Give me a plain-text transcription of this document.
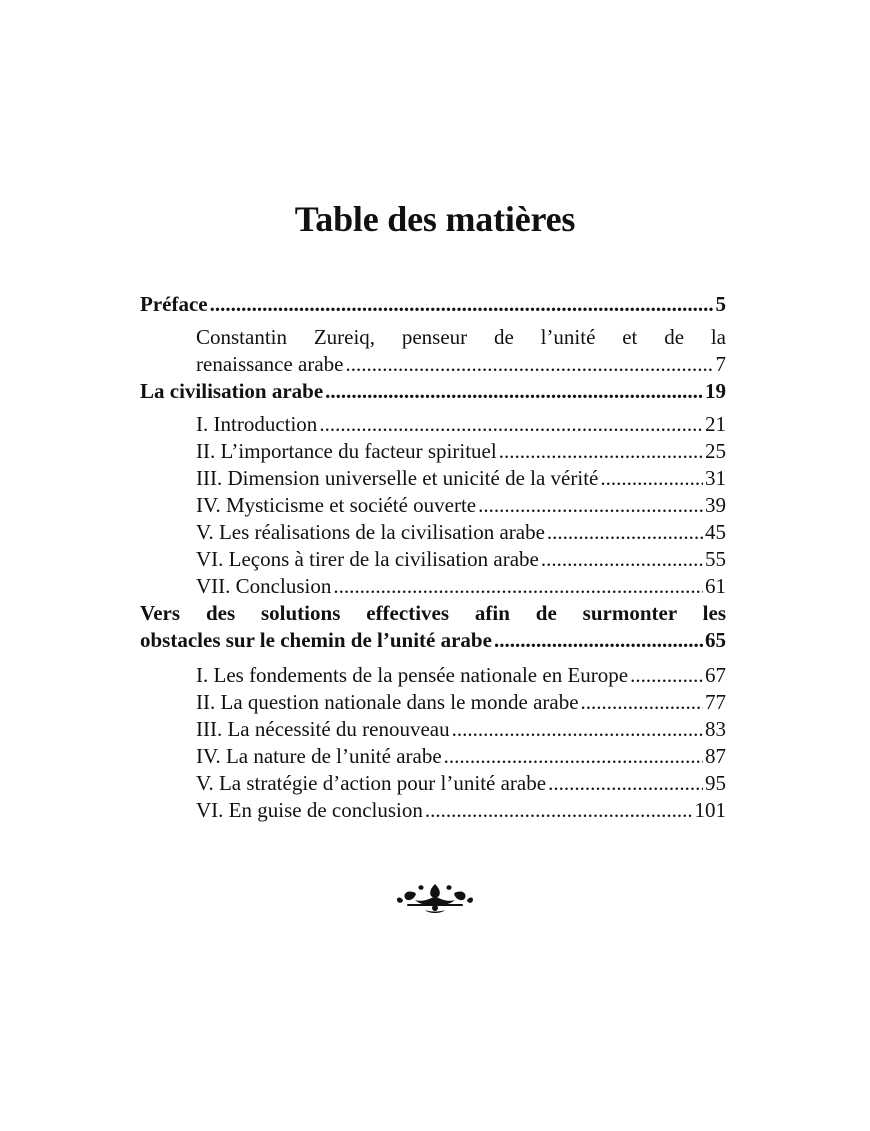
Table des matières
Préface .....	5
Constantin Zureiq, penseur de l’unité et de la
renaissance arabe .....	7
La civilisation arabe .....	19
I. Introduction .....	21
II. L’importance du facteur spirituel .....	25
III. Dimension universelle et unicité de la vérité .....	31
IV. Mysticisme et société ouverte .....	39
V. Les réalisations de la civilisation arabe .....	45
VI. Leçons à tirer de la civilisation arabe .....	55
VII. Conclusion .....	61
Vers des solutions effectives afin de surmonter les
obstacles sur le chemin de l’unité arabe .....	65
I. Les fondements de la pensée nationale en Europe .....	67
II. La question nationale dans le monde arabe .....	77
III. La nécessité du renouveau .....	83
IV. La nature de l’unité arabe .....	87
V. La stratégie d’action pour l’unité arabe .....	95
VI. En guise de conclusion .....	101
